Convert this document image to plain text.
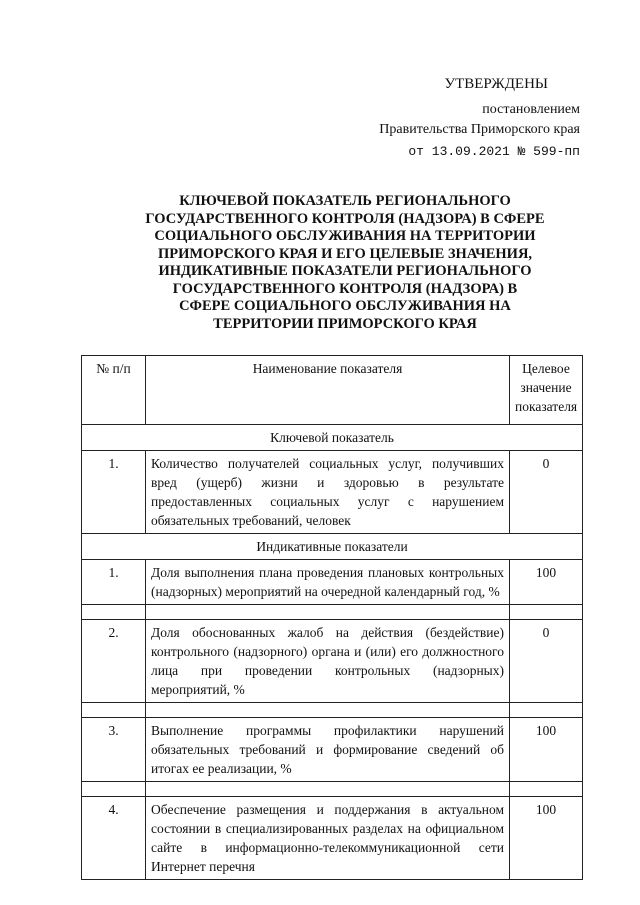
УТВЕРЖДЕНЫ
постановлением
Правительства Приморского края
от 13.09.2021 № 599-пп
КЛЮЧЕВОЙ ПОКАЗАТЕЛЬ РЕГИОНАЛЬНОГО
ГОСУДАРСТВЕННОГО КОНТРОЛЯ (НАДЗОРА) В СФЕРЕ
СОЦИАЛЬНОГО ОБСЛУЖИВАНИЯ НА ТЕРРИТОРИИ
ПРИМОРСКОГО КРАЯ И ЕГО ЦЕЛЕВЫЕ ЗНАЧЕНИЯ,
ИНДИКАТИВНЫЕ ПОКАЗАТЕЛИ РЕГИОНАЛЬНОГО
ГОСУДАРСТВЕННОГО КОНТРОЛЯ (НАДЗОРА) В
СФЕРЕ СОЦИАЛЬНОГО ОБСЛУЖИВАНИЯ НА
ТЕРРИТОРИИ ПРИМОРСКОГО КРАЯ
№ п/п	Наименование показателя	Целевое значение показателя
Ключевой показатель		
1.	Количество получателей социальных услуг, получивших вред (ущерб) жизни и здоровью в результате предоставленных социальных услуг с нарушением обязательных требований, человек	0
Индикативные показатели		
1.	Доля выполнения плана проведения плановых контрольных (надзорных) мероприятий на очередной календарный год, %	100

2.	Доля обоснованных жалоб на действия (бездействие) контрольного (надзорного) органа и (или) его должностного лица при проведении контрольных (надзорных) мероприятий, %	0

3.	Выполнение программы профилактики нарушений обязательных требований и формирование сведений об итогах ее реализации, %	100

4.	Обеспечение размещения и поддержания в актуальном состоянии в специализированных разделах на официальном сайте в информационно-телекоммуникационной сети Интернет перечня	100
